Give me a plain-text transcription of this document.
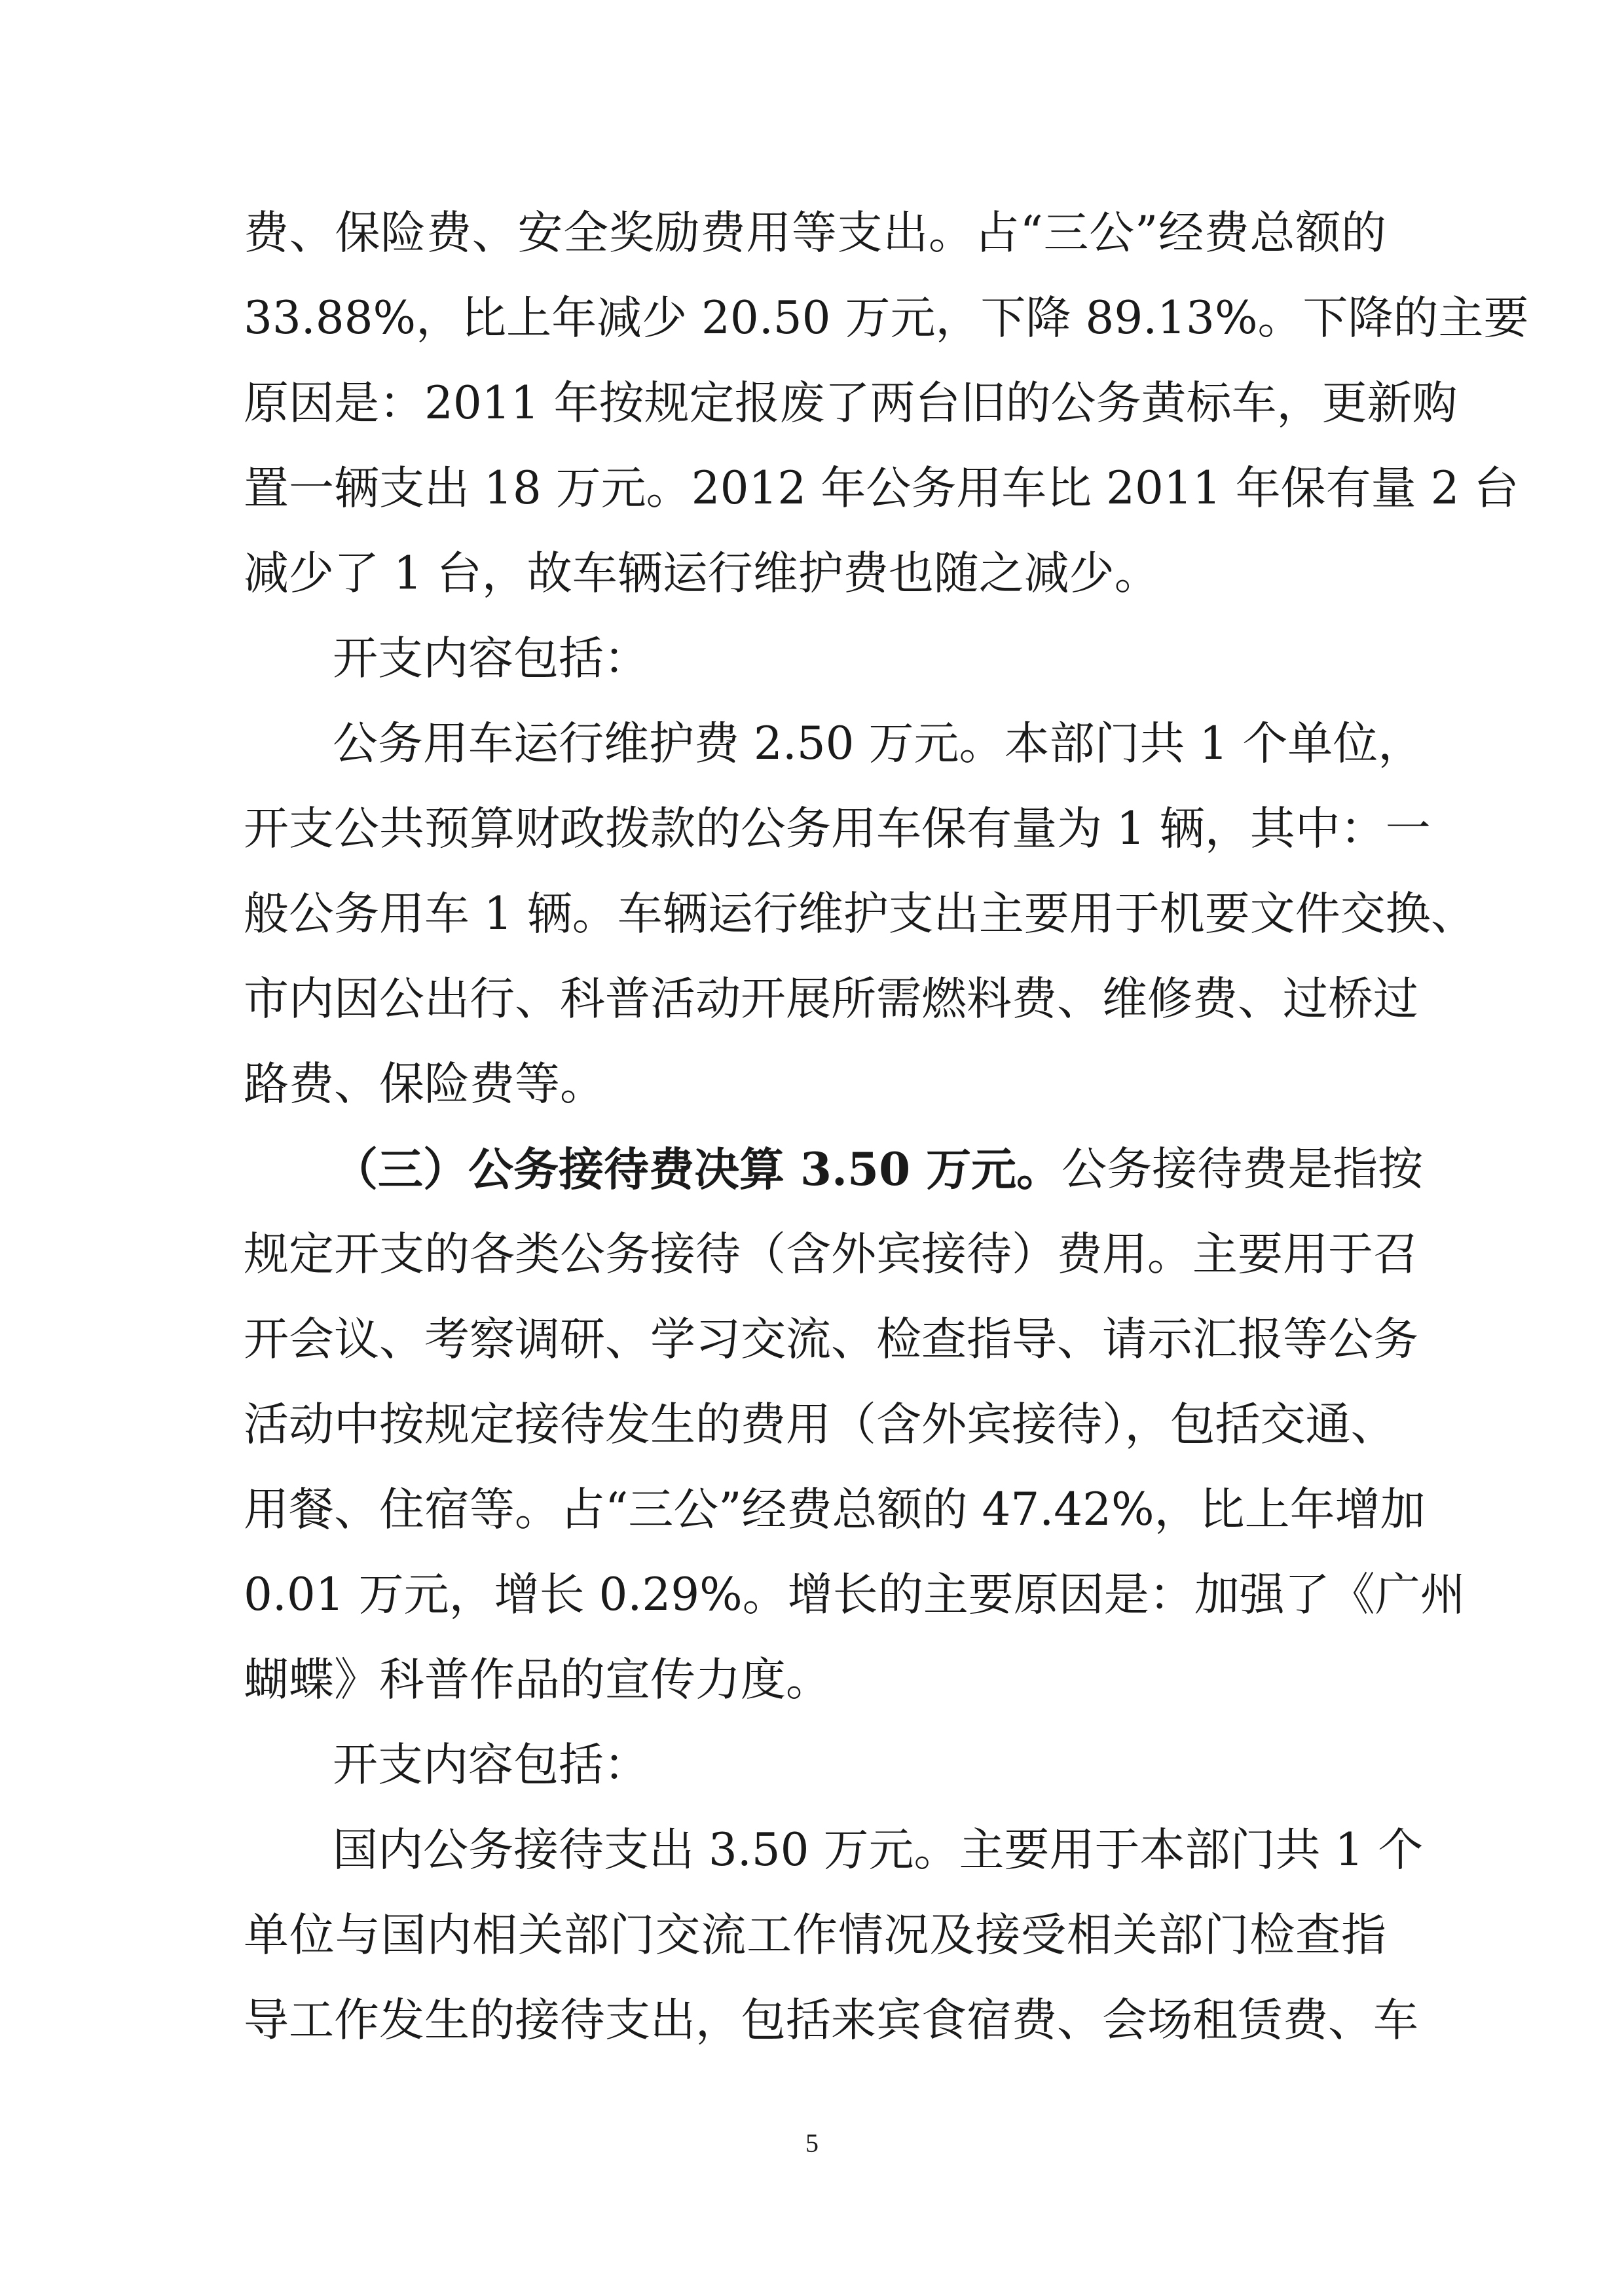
费、保险费、安全奖励费用等支出。占“三公”经费总额的
33.88%，比上年减少 20.50 万元，下降 89.13%。下降的主要
原因是：2011 年按规定报废了两台旧的公务黄标车，更新购
置一辆支出 18 万元。2012 年公务用车比 2011 年保有量 2 台
减少了 1 台，故车辆运行维护费也随之减少。
开支内容包括：
公务用车运行维护费 2.50 万元。本部门共 1 个单位，
开支公共预算财政拨款的公务用车保有量为 1 辆，其中：一
般公务用车 1 辆。车辆运行维护支出主要用于机要文件交换、
市内因公出行、科普活动开展所需燃料费、维修费、过桥过
路费、保险费等。
（三）公务接待费决算 3.50 万元。 公务接待费是指按
规定开支的各类公务接待（含外宾接待）费用。主要用于召
开会议、考察调研、学习交流、检查指导、请示汇报等公务
活动中按规定接待发生的费用（含外宾接待），包括交通、
用餐、住宿等。占“三公”经费总额的 47.42%，比上年增加
0.01 万元，增长 0.29%。增长的主要原因是：加强了《广州
蝴蝶》科普作品的宣传力度。
开支内容包括：
国内公务接待支出 3.50 万元。主要用于本部门共 1 个
单位与国内相关部门交流工作情况及接受相关部门检查指
导工作发生的接待支出，包括来宾食宿费、会场租赁费、车
5
